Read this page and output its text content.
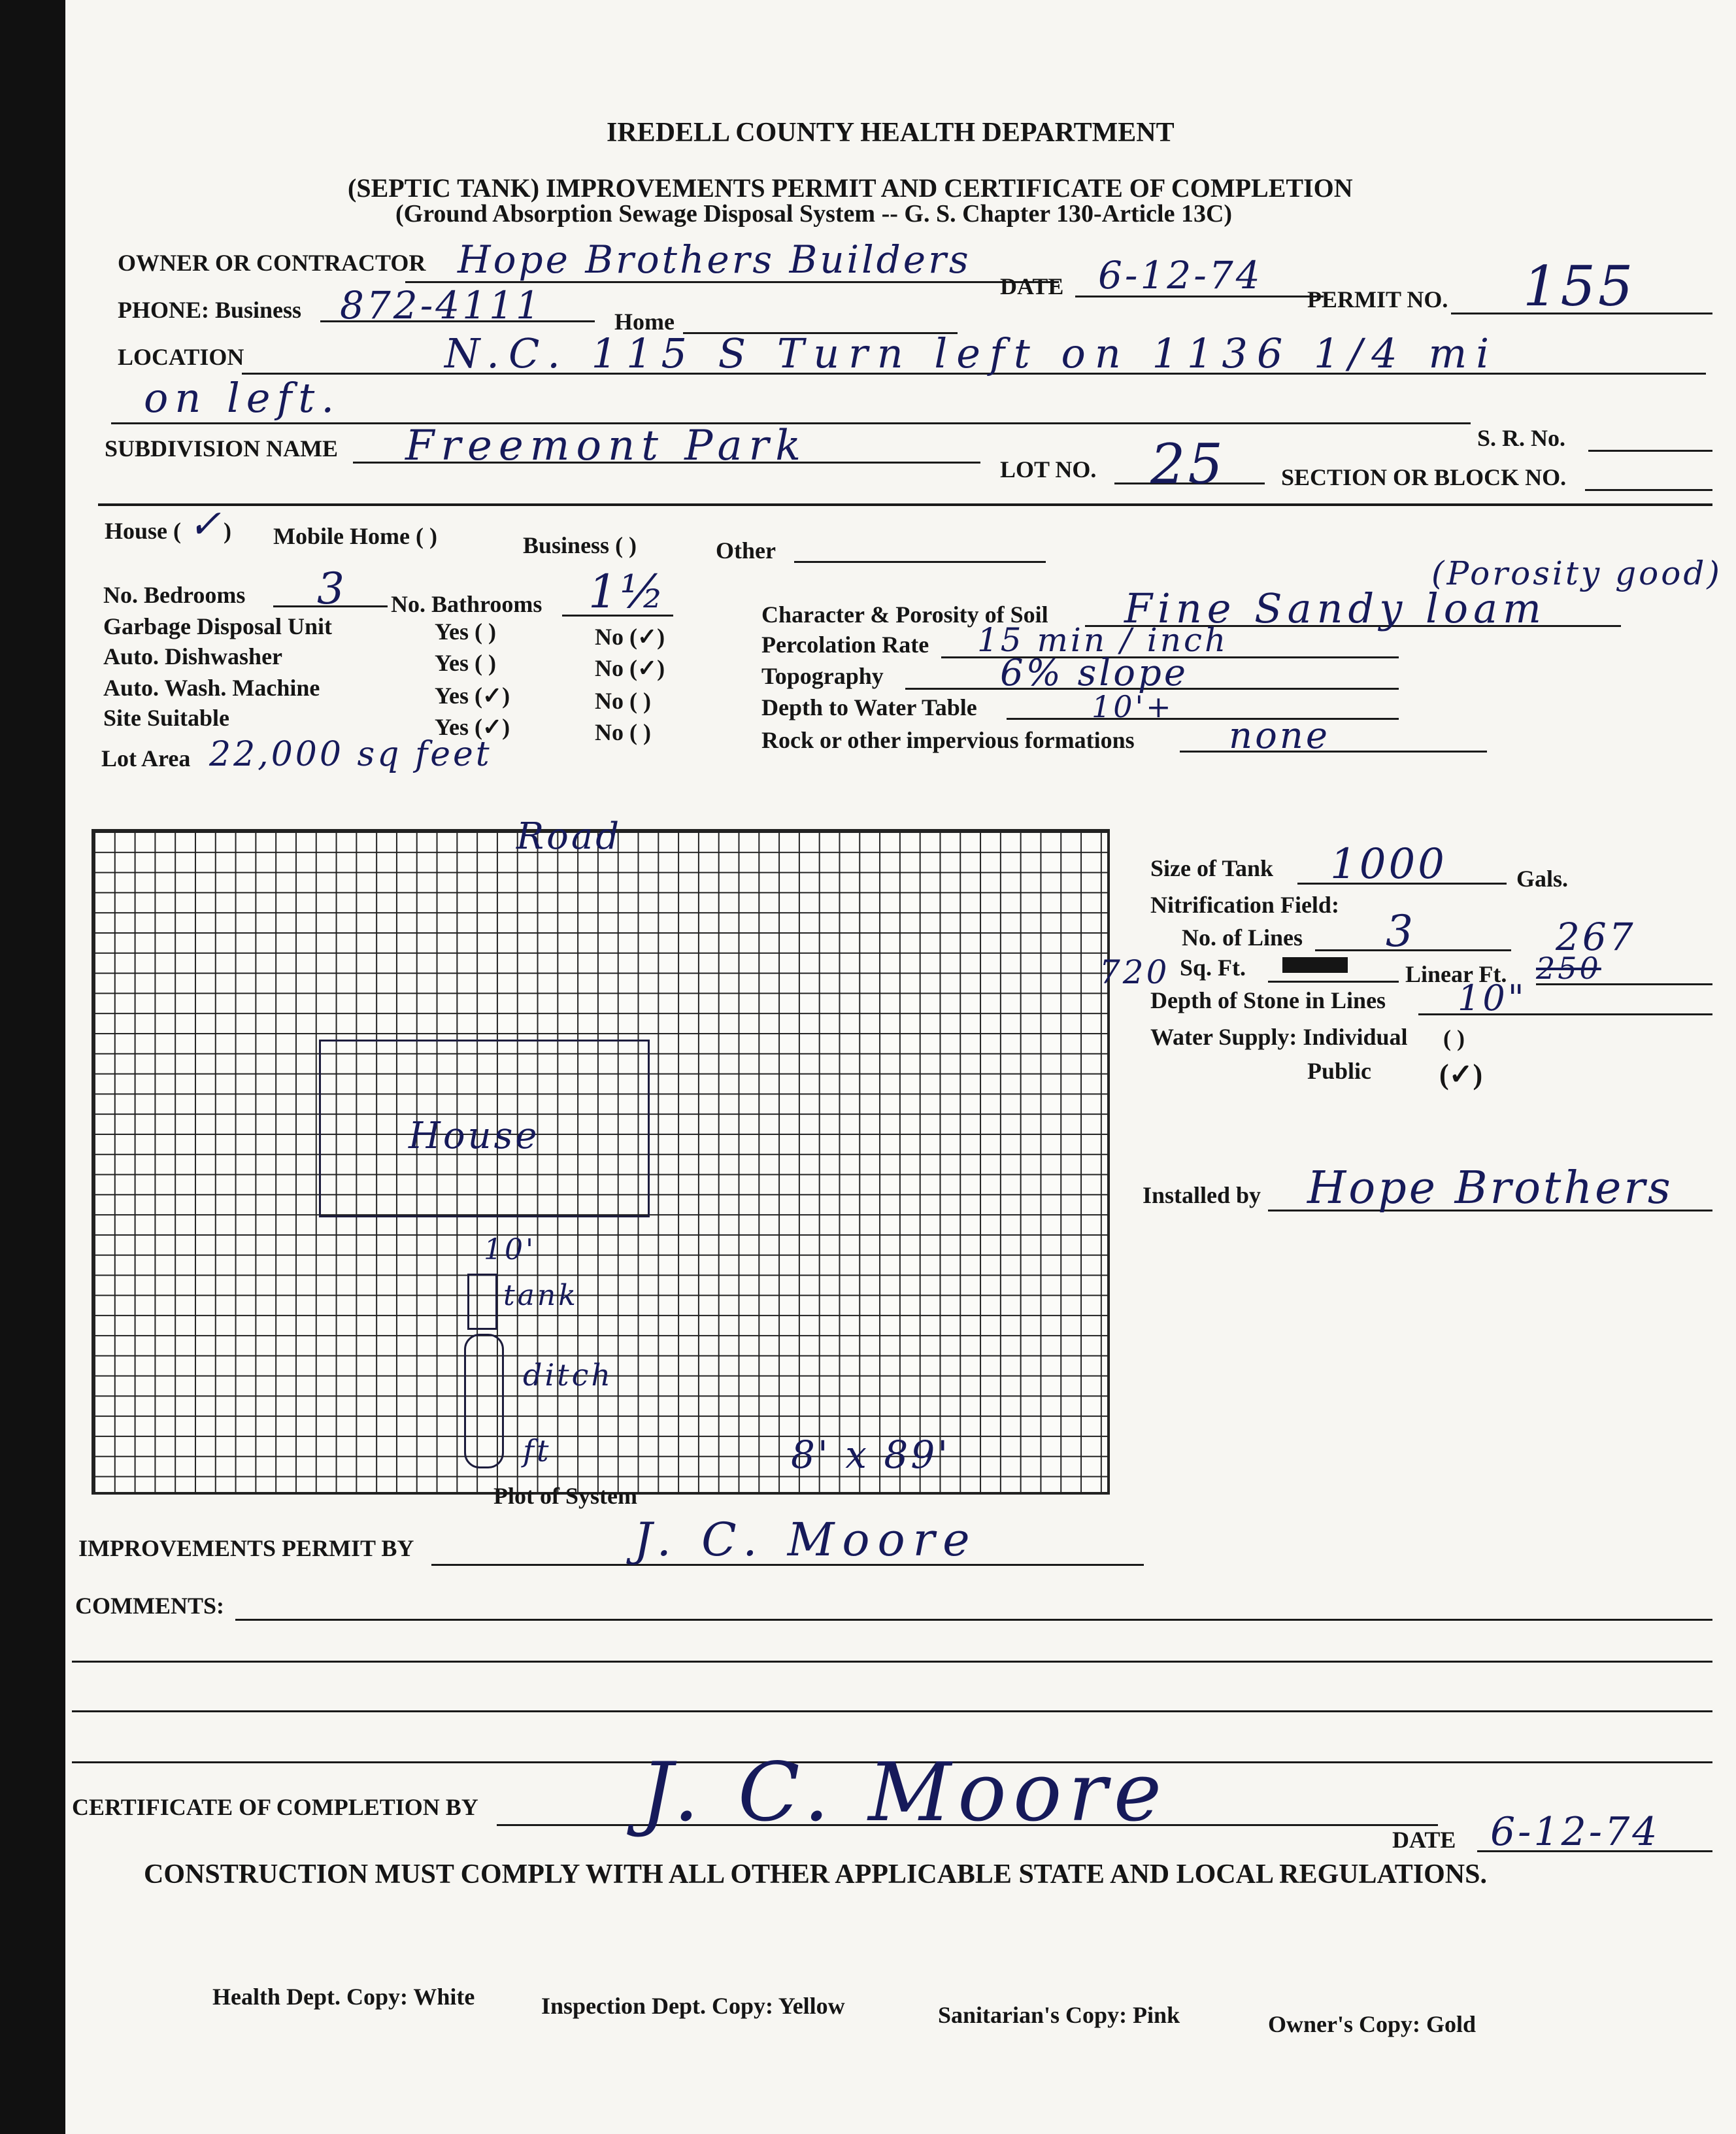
IREDELL COUNTY HEALTH DEPARTMENT
(SEPTIC TANK) IMPROVEMENTS PERMIT AND CERTIFICATE OF COMPLETION
(Ground Absorption Sewage Disposal System -- G. S. Chapter 130-Article 13C)
OWNER OR CONTRACTOR Hope Brothers Builders
DATE 6-12-74
PERMIT NO. 155
PHONE: Business 872-4111	Home
LOCATION	N.C. 115 S Turn left on 1136 1/4 mi
on left.
S. R. No.
SUBDIVISION NAME Freemont Park	LOT NO. 25 SECTION OR BLOCK NO.
House ( ✓ ) Mobile Home ( )	Business ( )	Other
No. Bedrooms 3 No. Bathrooms 1½
Garbage Disposal Unit	Yes ( )	No (✓)
Auto. Dishwasher	Yes ( )	No (✓)
Auto. Wash. Machine	Yes (✓)	No ( )
Site Suitable	Yes (✓)	No ( )
Lot Area 22,000 sq feet
(Porosity good)
Character & Porosity of Soil Fine Sandy loam
Percolation Rate 15 min / inch
Topography	6% slope
Depth to Water Table	10'+
Rock or other impervious formations	none
Road
House
10'
tank
ditch
ft	8' x 89'
Plot of System
Size of Tank 1000	Gals.
Nitrification Field:
No. of Lines 3	267
720 Sq. Ft.	Linear Ft. 250
Depth of Stone in Lines 10"
Water Supply: Individual ( )
Public (✓)
Installed by Hope Brothers
IMPROVEMENTS PERMIT BY	J. C. Moore
COMMENTS:
CERTIFICATE OF COMPLETION BY J. C. Moore	DATE 6-12-74
CONSTRUCTION MUST COMPLY WITH ALL OTHER APPLICABLE STATE AND LOCAL REGULATIONS.
Health Dept. Copy: White	Inspection Dept. Copy: Yellow	Sanitarian's Copy: Pink	Owner's Copy: Gold
